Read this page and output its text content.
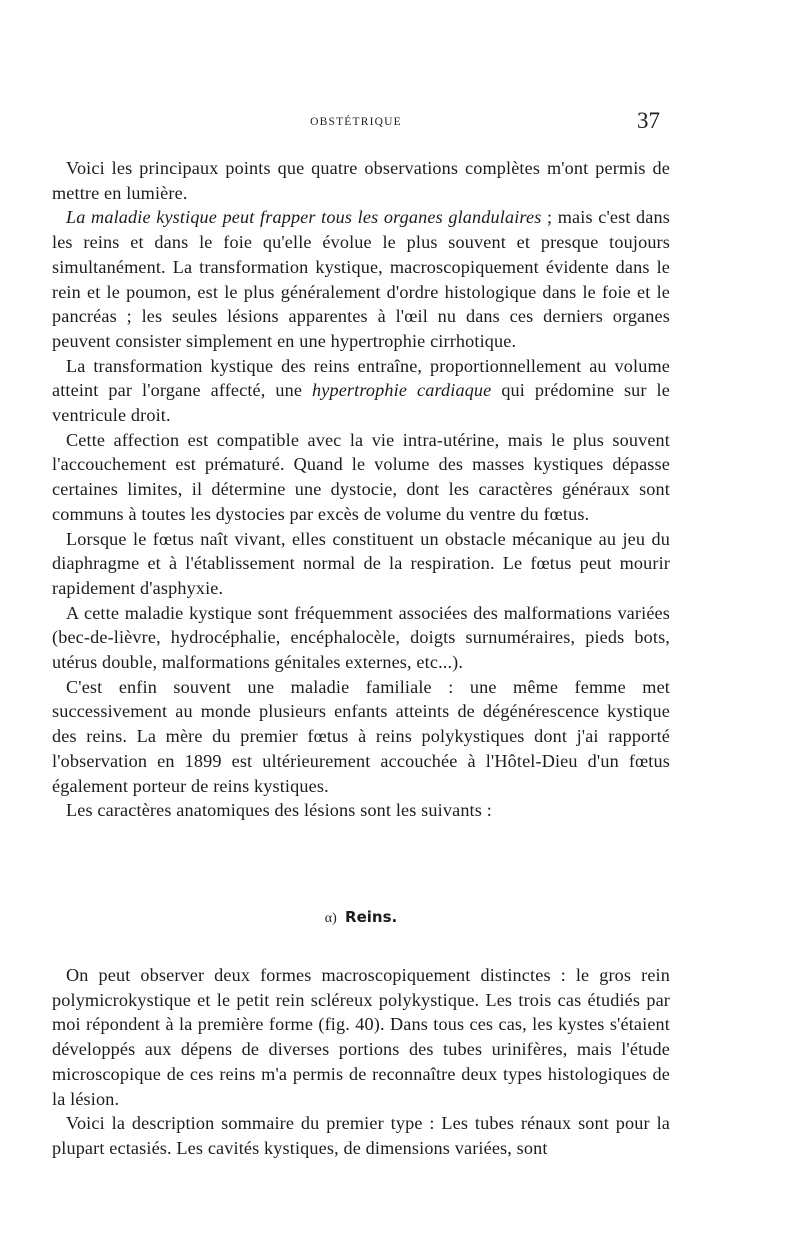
OBSTÉTRIQUE	37

Voici les principaux points que quatre observations complètes m'ont permis de mettre en lumière.

La maladie kystique peut frapper tous les organes glandulaires ; mais c'est dans les reins et dans le foie qu'elle évolue le plus souvent et presque toujours simultanément. La transformation kystique, macroscopiquement évidente dans le rein et le poumon, est le plus généralement d'ordre histologique dans le foie et le pancréas ; les seules lésions apparentes à l'œil nu dans ces derniers organes peuvent consister simplement en une hypertrophie cirrhotique.

La transformation kystique des reins entraîne, proportionnellement au volume atteint par l'organe affecté, une hypertrophie cardiaque qui prédomine sur le ventricule droit.

Cette affection est compatible avec la vie intra-utérine, mais le plus souvent l'accouchement est prématuré. Quand le volume des masses kystiques dépasse certaines limites, il détermine une dystocie, dont les caractères généraux sont communs à toutes les dystocies par excès de volume du ventre du fœtus.

Lorsque le fœtus naît vivant, elles constituent un obstacle mécanique au jeu du diaphragme et à l'établissement normal de la respiration. Le fœtus peut mourir rapidement d'asphyxie.

A cette maladie kystique sont fréquemment associées des malformations variées (bec-de-lièvre, hydrocéphalie, encéphalocèle, doigts surnuméraires, pieds bots, utérus double, malformations génitales externes, etc...).

C'est enfin souvent une maladie familiale : une même femme met successivement au monde plusieurs enfants atteints de dégénérescence kystique des reins. La mère du premier fœtus à reins polykystiques dont j'ai rapporté l'observation en 1899 est ultérieurement accouchée à l'Hôtel-Dieu d'un fœtus également porteur de reins kystiques.

Les caractères anatomiques des lésions sont les suivants :

α) Reins.

On peut observer deux formes macroscopiquement distinctes : le gros rein polymicrokystique et le petit rein scléreux polykystique. Les trois cas étudiés par moi répondent à la première forme (fig. 40). Dans tous ces cas, les kystes s'étaient développés aux dépens de diverses portions des tubes urinifères, mais l'étude microscopique de ces reins m'a permis de reconnaître deux types histologiques de la lésion.

Voici la description sommaire du premier type : Les tubes rénaux sont pour la plupart ectasiés. Les cavités kystiques, de dimensions variées, sont
